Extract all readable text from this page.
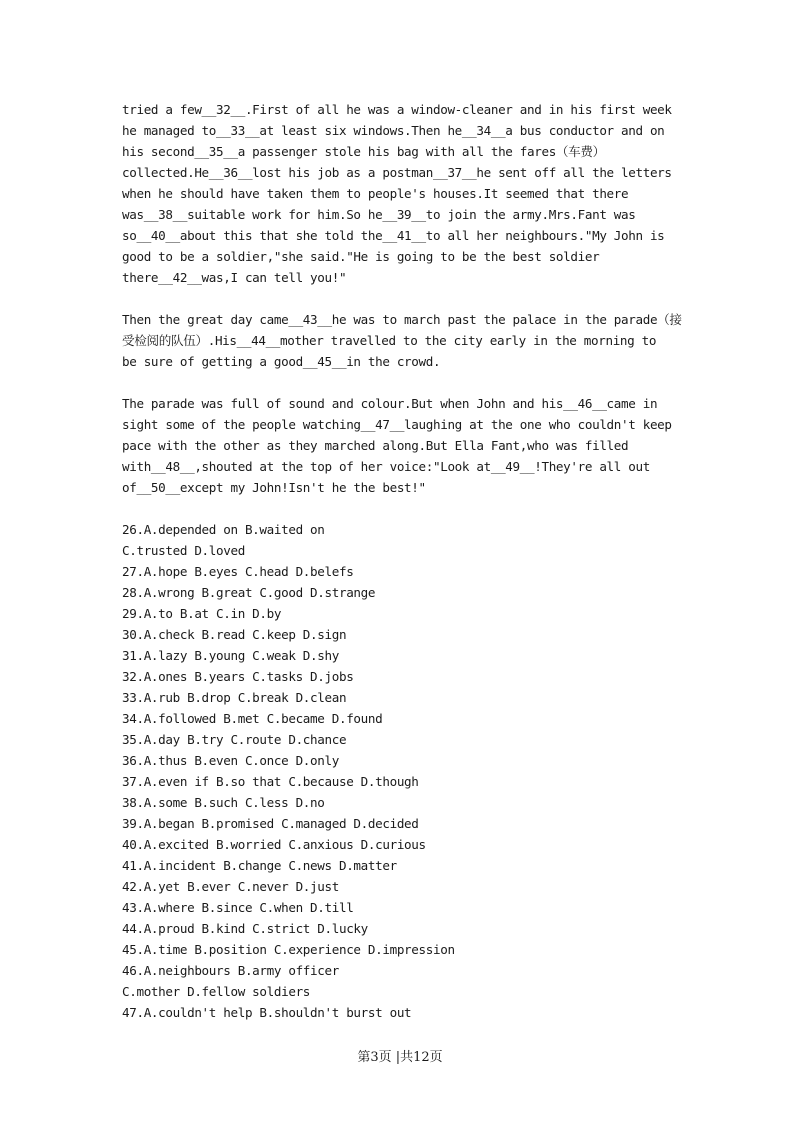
tried a few__32__.First of all he was a window-cleaner and in his first week
he managed to__33__at least six windows.Then he__34__a bus conductor and on
his second__35__a passenger stole his bag with all the fares（车费）
collected.He__36__lost his job as a postman__37__he sent off all the letters
when he should have taken them to people's houses.It seemed that there
was__38__suitable work for him.So he__39__to join the army.Mrs.Fant was
so__40__about this that she told the__41__to all her neighbours."My John is
good to be a soldier,"she said."He is going to be the best soldier
there__42__was,I can tell you!"
Then the great day came__43__he was to march past the palace in the parade（接
受检阅的队伍）.His__44__mother travelled to the city early in the morning to
be sure of getting a good__45__in the crowd.
The parade was full of sound and colour.But when John and his__46__came in
sight some of the people watching__47__laughing at the one who couldn't keep
pace with the other as they marched along.But Ella Fant,who was filled
with__48__,shouted at the top of her voice:"Look at__49__!They're all out
of__50__except my John!Isn't he the best!"
26.A.depended on B.waited on
C.trusted D.loved
27.A.hope B.eyes C.head D.belefs
28.A.wrong B.great C.good D.strange
29.A.to B.at C.in D.by
30.A.check B.read C.keep D.sign
31.A.lazy B.young C.weak D.shy
32.A.ones B.years C.tasks D.jobs
33.A.rub B.drop C.break D.clean
34.A.followed B.met C.became D.found
35.A.day B.try C.route D.chance
36.A.thus B.even C.once D.only
37.A.even if B.so that C.because D.though
38.A.some B.such C.less D.no
39.A.began B.promised C.managed D.decided
40.A.excited B.worried C.anxious D.curious
41.A.incident B.change C.news D.matter
42.A.yet B.ever C.never D.just
43.A.where B.since C.when D.till
44.A.proud B.kind C.strict D.lucky
45.A.time B.position C.experience D.impression
46.A.neighbours B.army officer
C.mother D.fellow soldiers
47.A.couldn't help B.shouldn't burst out
第3页 |共12页
